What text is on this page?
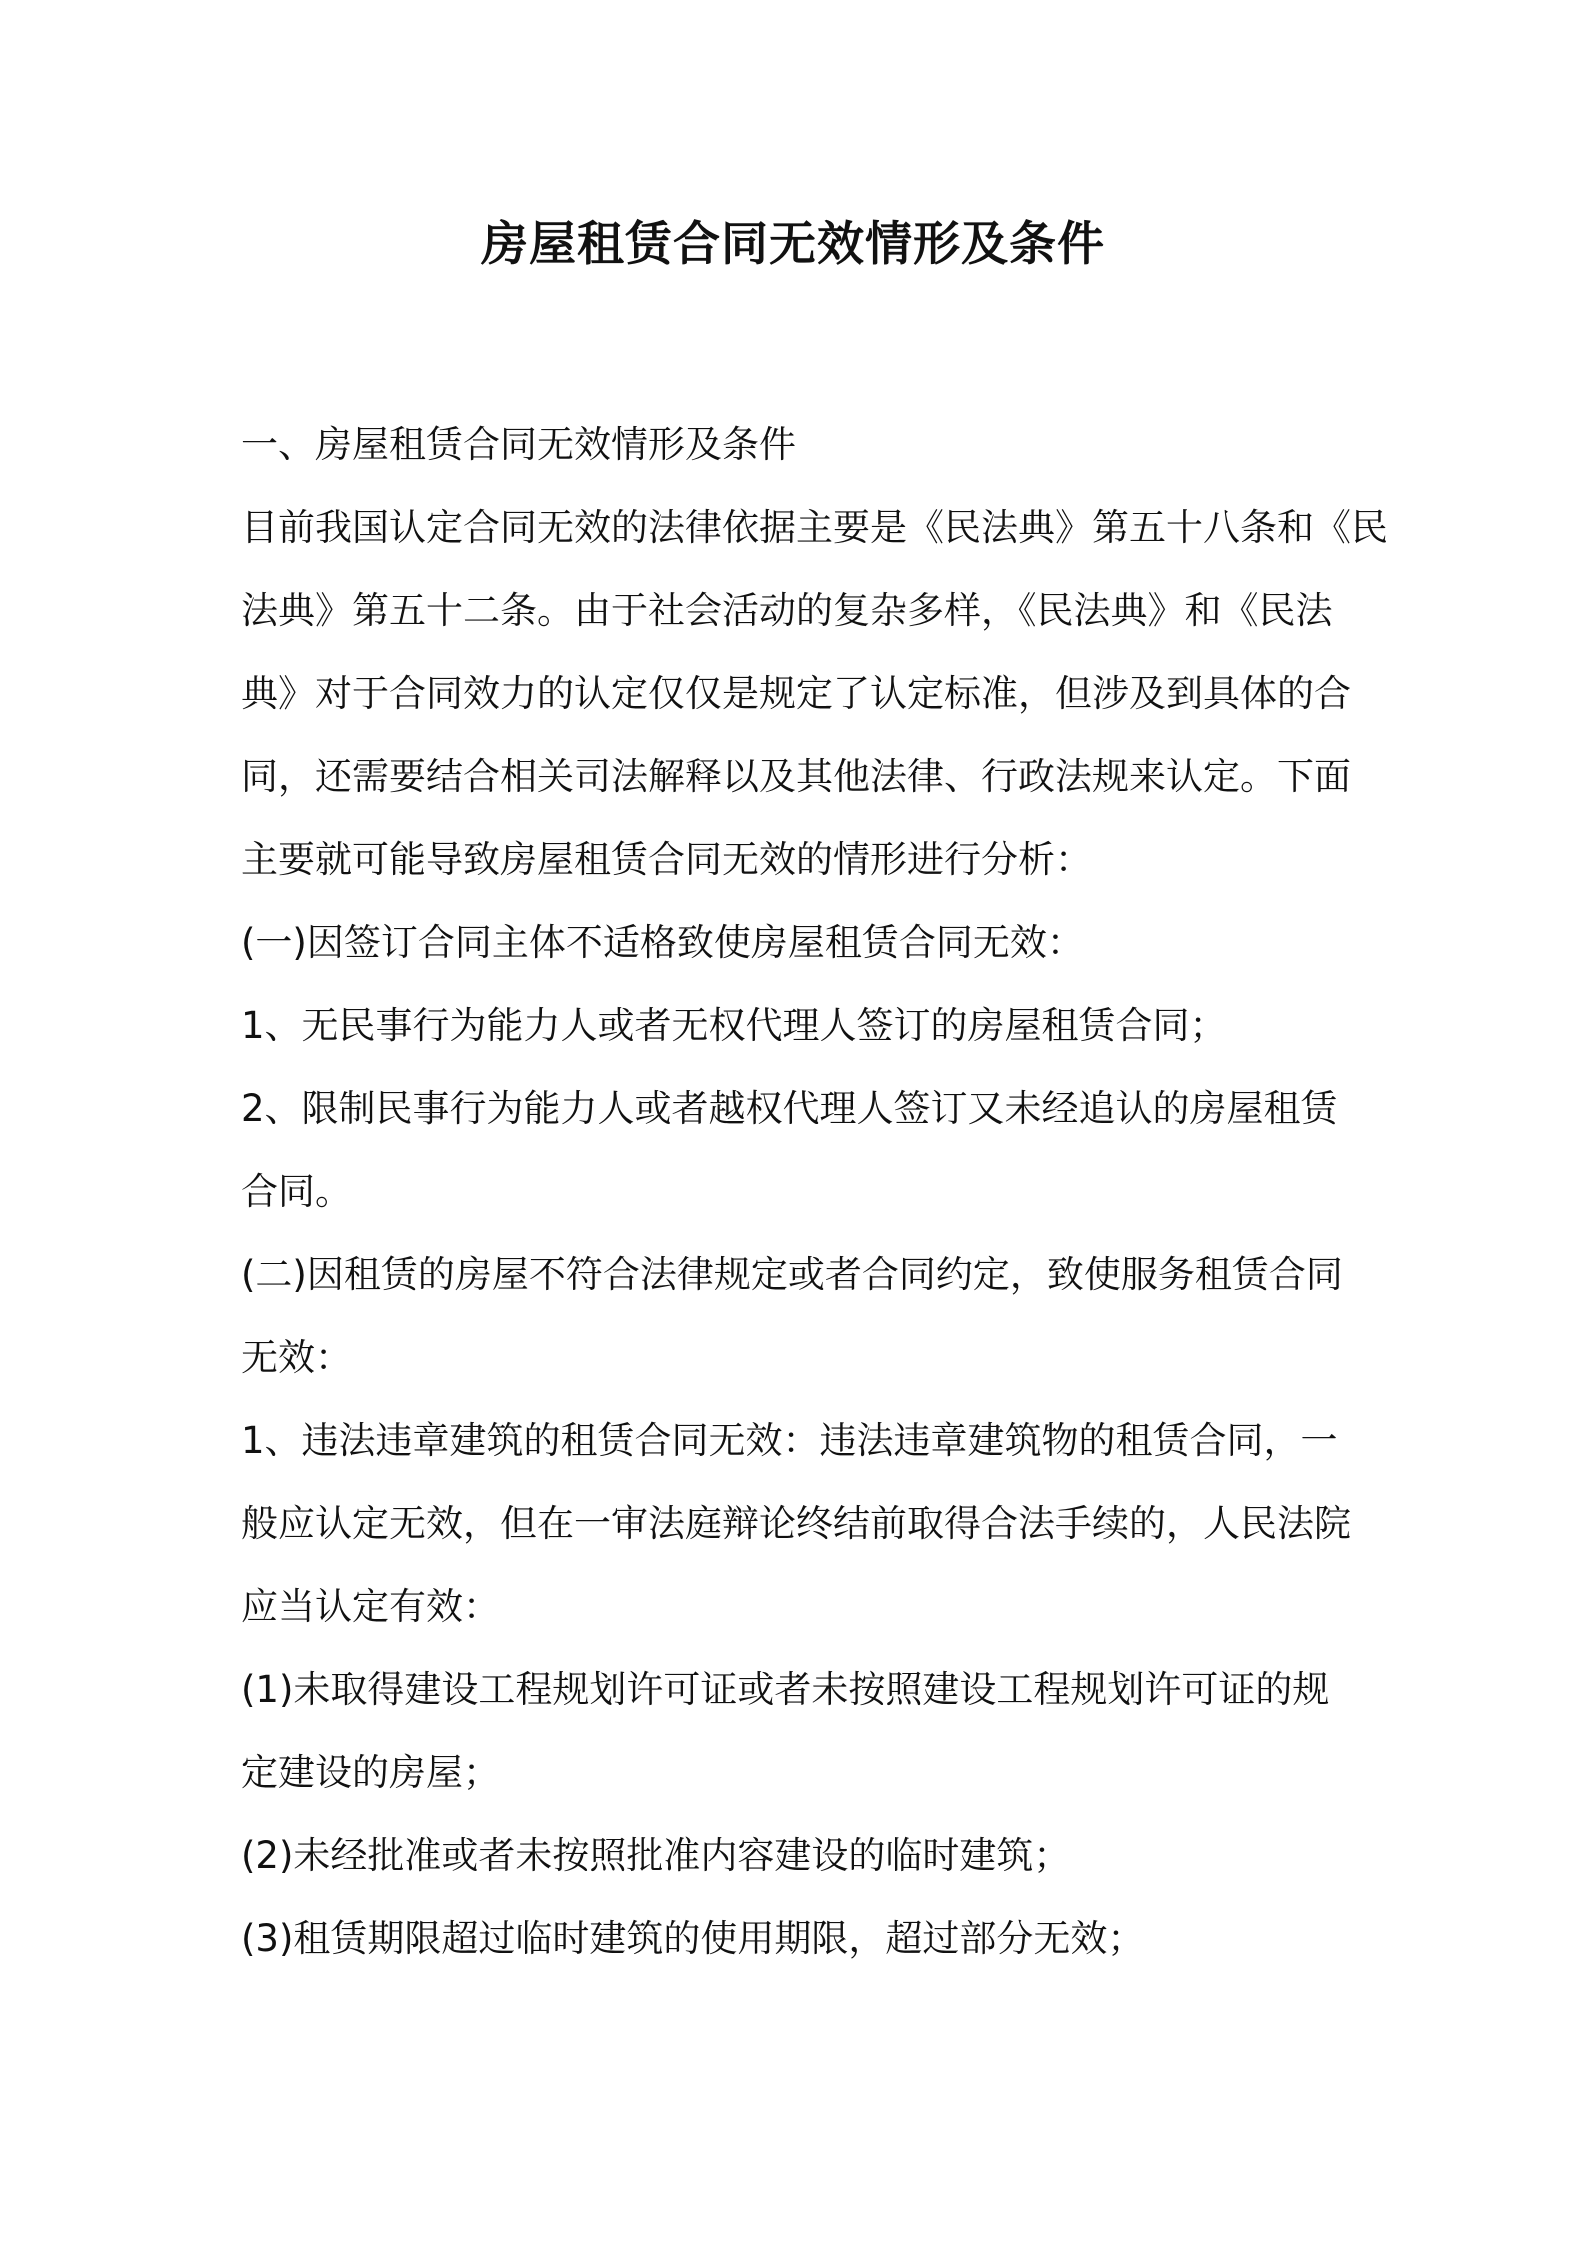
房屋租赁合同无效情形及条件

一、房屋租赁合同无效情形及条件

目前我国认定合同无效的法律依据主要是《民法典》第五十八条和《民

法典》第五十二条。由于社会活动的复杂多样，《民法典》和《民法

典》对于合同效力的认定仅仅是规定了认定标准，但涉及到具体的合

同，还需要结合相关司法解释以及其他法律、行政法规来认定。下面

主要就可能导致房屋租赁合同无效的情形进行分析：

(一)因签订合同主体不适格致使房屋租赁合同无效：

1、无民事行为能力人或者无权代理人签订的房屋租赁合同；

2、限制民事行为能力人或者越权代理人签订又未经追认的房屋租赁

合同。

(二)因租赁的房屋不符合法律规定或者合同约定，致使服务租赁合同

无效：

1、违法违章建筑的租赁合同无效：违法违章建筑物的租赁合同，一

般应认定无效，但在一审法庭辩论终结前取得合法手续的，人民法院

应当认定有效：

(1)未取得建设工程规划许可证或者未按照建设工程规划许可证的规

定建设的房屋；

(2)未经批准或者未按照批准内容建设的临时建筑；

(3)租赁期限超过临时建筑的使用期限，超过部分无效；
